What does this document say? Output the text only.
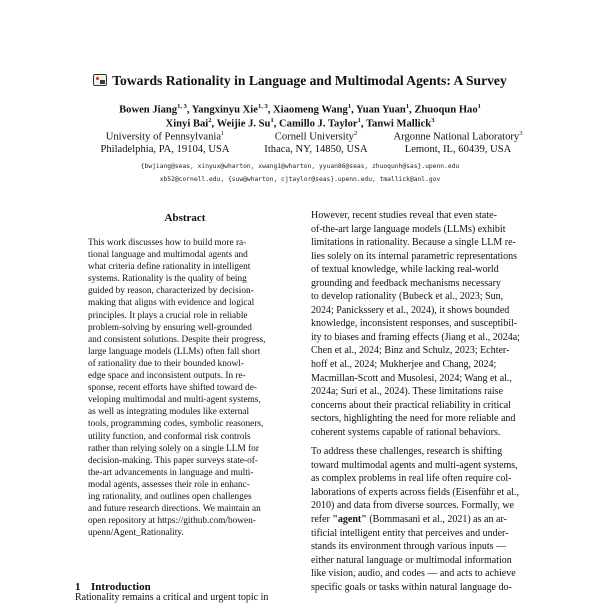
Towards Rationality in Language and Multimodal Agents: A Survey
Bowen Jiang$^{1, 3}$, Yangxinyu Xie$^{1, 3}$, Xiaomeng Wang$^1$, Yuan Yuan$^1$, Zhuoqun Hao$^1$
Xinyi Bai$^2$, Weijie J. Su$^1$, Camillo J. Taylor$^1$, Tanwi Mallick$^3$
University of Pennsylvania$^1$
Philadelphia, PA, 19104, USA
Cornell University$^2$
Ithaca, NY, 14850, USA
Argonne National Laboratory$^3$
Lemont, IL, 60439, USA
{bwjiang@seas, xinyux@wharton, xwang1@wharton, yyuan86@seas, zhuoqunh@sas}.upenn.edu
xb52@cornell.edu, {suw@wharton, cjtaylor@seas}.upenn.edu, tmallick@anl.gov
Abstract
This work discusses how to build more ra-
tional language and multimodal agents and
what criteria define rationality in intelligent
systems. Rationality is the quality of being
guided by reason, characterized by decision-
making that aligns with evidence and logical
principles. It plays a crucial role in reliable
problem-solving by ensuring well-grounded
and consistent solutions. Despite their progress,
large language models (LLMs) often fall short
of rationality due to their bounded knowl-
edge space and inconsistent outputs. In re-
sponse, recent efforts have shifted toward de-
veloping multimodal and multi-agent systems,
as well as integrating modules like external
tools, programming codes, symbolic reasoners,
utility function, and conformal risk controls
rather than relying solely on a single LLM for
decision-making. This paper surveys state-of-
the-art advancements in language and multi-
modal agents, assesses their role in enhanc-
ing rationality, and outlines open challenges
and future research directions. We maintain an
open repository at https://github.com/bowen-
upenn/Agent_Rationality.
However, recent studies reveal that even state-
of-the-art large language models (LLMs) exhibit
limitations in rationality. Because a single LLM re-
lies solely on its internal parametric representations
of textual knowledge, while lacking real-world
grounding and feedback mechanisms necessary
to develop rationality (Bubeck et al., 2023; Sun,
2024; Panickssery et al., 2024), it shows bounded
knowledge, inconsistent responses, and susceptibil-
ity to biases and framing effects (Jiang et al., 2024a;
Chen et al., 2024; Binz and Schulz, 2023; Echter-
hoff et al., 2024; Mukherjee and Chang, 2024;
Macmillan-Scott and Musolesi, 2024; Wang et al.,
2024a; Suri et al., 2024). These limitations raise
concerns about their practical reliability in critical
sectors, highlighting the need for more reliable and
coherent systems capable of rational behaviors.
To address these challenges, research is shifting
toward multimodal agents and multi-agent systems,
as complex problems in real life often require col-
laborations of experts across fields (Eisenführ et al.,
2010) and data from diverse sources. Formally, we
refer "agent" (Bommasani et al., 2021) as an ar-
tificial intelligent entity that perceives and under-
stands its environment through various inputs —
either natural language or multimodal information
like vision, audio, and codes — and acts to achieve
specific goals or tasks within natural language do-
1 Introduction
Rationality remains a critical and urgent topic in
